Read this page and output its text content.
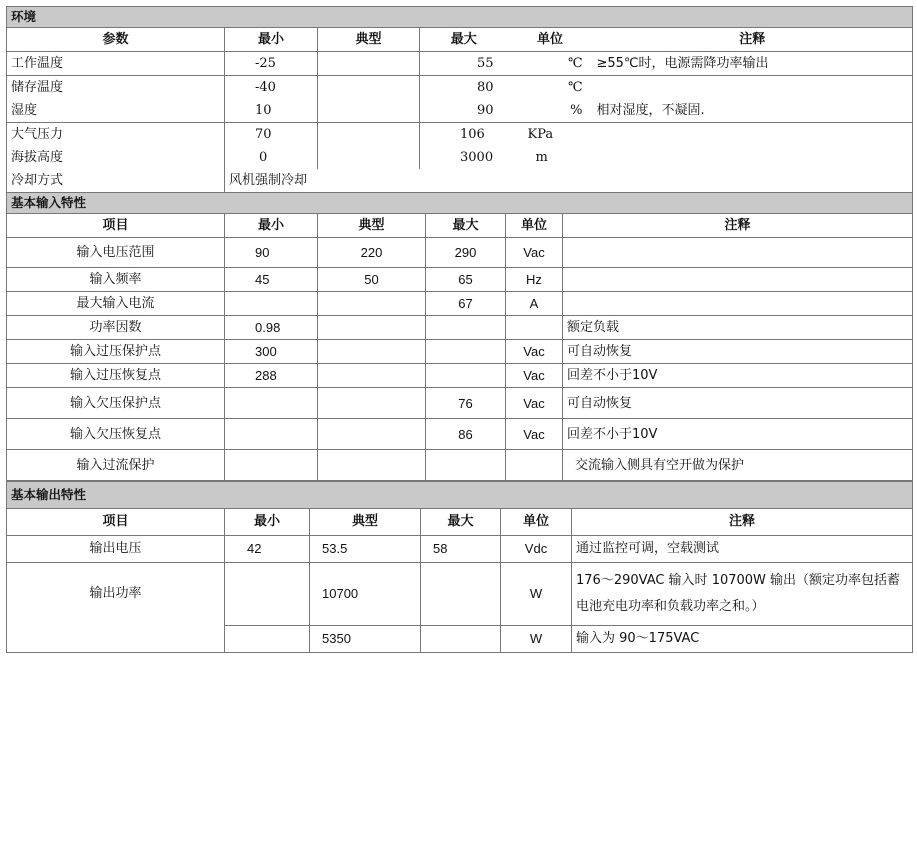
环境					
参数	最小	典型	最大	单位	注释
工作温度	-25		55	℃	≥55℃时，电源需降功率输出
储存温度	-40		80	℃	
湿度	10		90	%	相对湿度，不凝固.
大气压力	70		106	KPa	
海拔高度	0		3000	m	
冷却方式	风机强制冷却				
基本输入特性					
项目	最小	典型	最大	单位	注释
输入电压范围	90	220	290	Vac	
输入频率	45	50	65	Hz	
最大输入电流			67	A	
功率因数	0.98				额定负载
输入过压保护点	300			Vac	可自动恢复
输入过压恢复点	288			Vac	回差不小于10V
输入欠压保护点			76	Vac	可自动恢复
输入欠压恢复点			86	Vac	回差不小于10V
输入过流保护					交流输入侧具有空开做为保护
基本输出特性					
项目	最小	典型	最大	单位	注释
输出电压	42	53.5	58	Vdc	通过监控可调，空载测试
输出功率		10700		W	176～290VAC 输入时 10700W 输出（额定功率包括蓄电池充电功率和负载功率之和。）
		5350		W	输入为 90～175VAC
